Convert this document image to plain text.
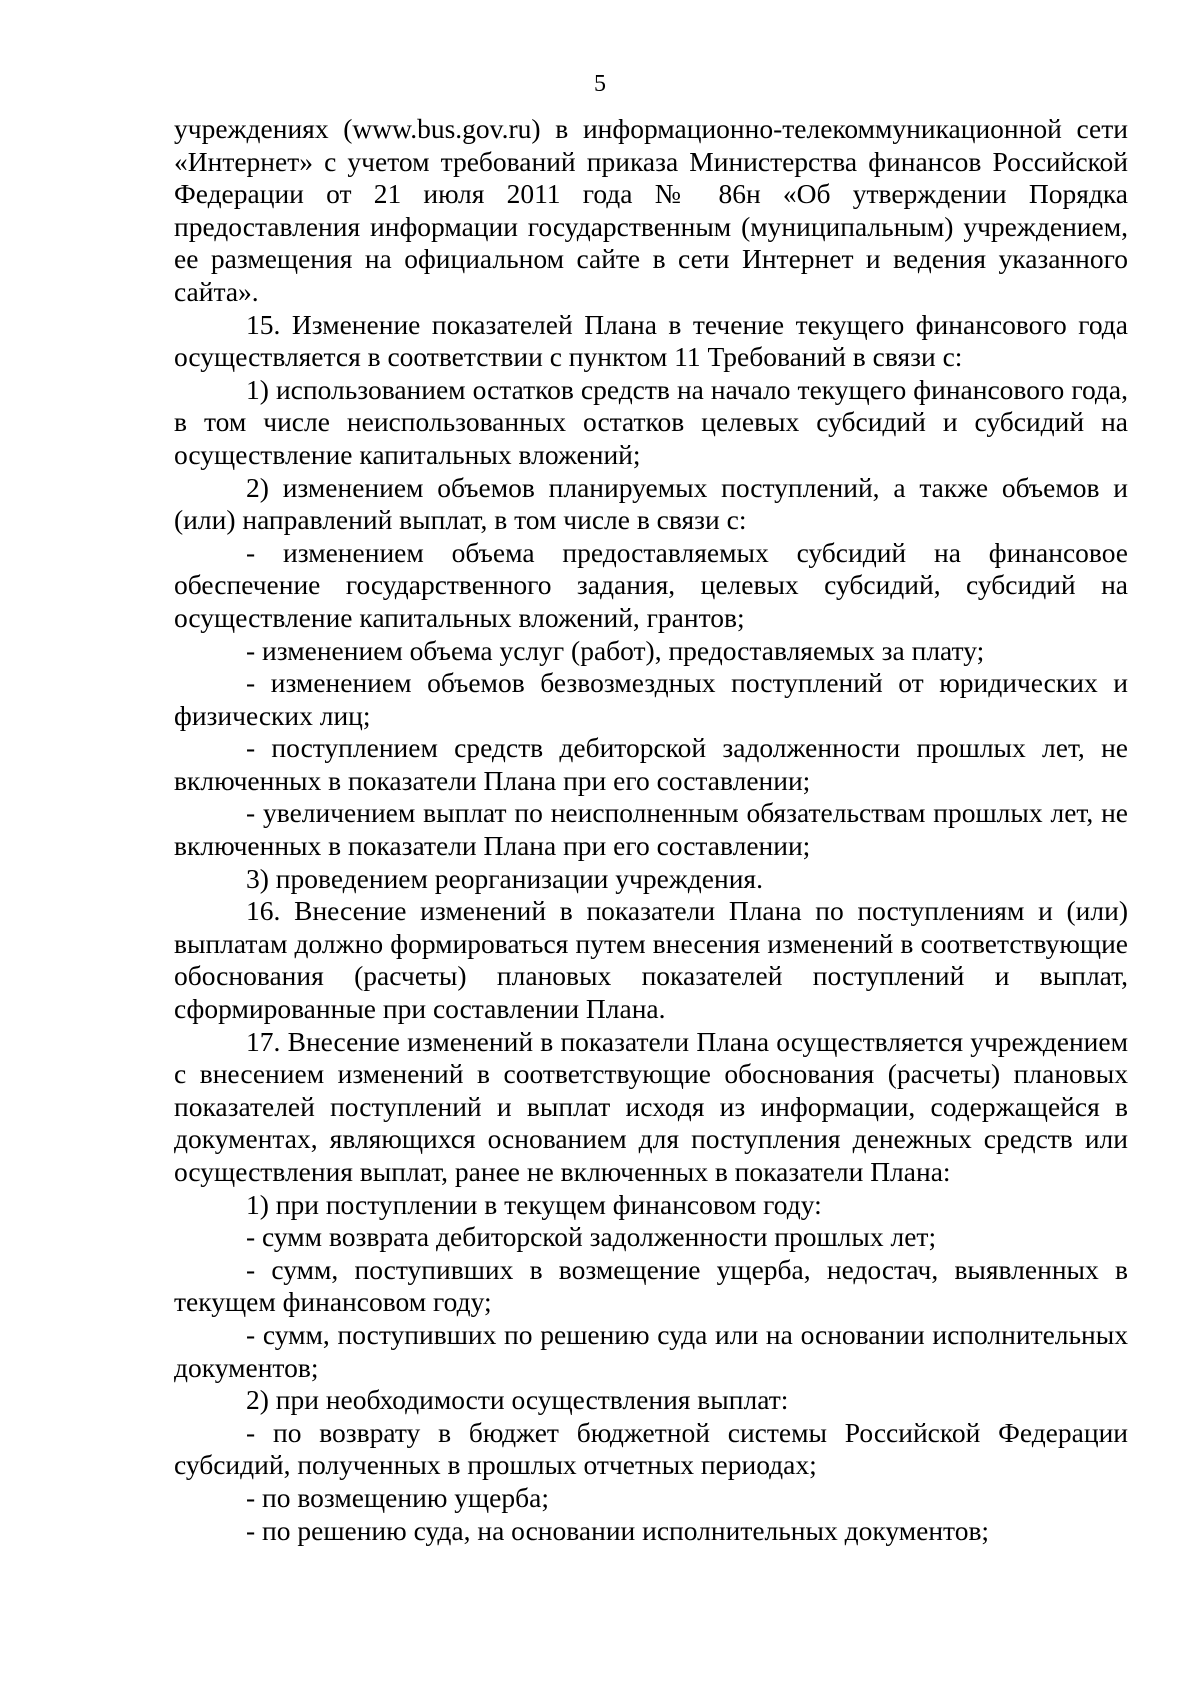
5

учреждениях (www.bus.gov.ru) в информационно-телекоммуникационной сети «Интернет» с учетом требований приказа Министерства финансов Российской Федерации от 21 июля 2011 года № 86н «Об утверждении Порядка предоставления информации государственным (муниципальным) учреждением, ее размещения на официальном сайте в сети Интернет и ведения указанного сайта».

15. Изменение показателей Плана в течение текущего финансового года осуществляется в соответствии с пунктом 11 Требований в связи с:

1) использованием остатков средств на начало текущего финансового года, в том числе неиспользованных остатков целевых субсидий и субсидий на осуществление капитальных вложений;

2) изменением объемов планируемых поступлений, а также объемов и (или) направлений выплат, в том числе в связи с:

- изменением объема предоставляемых субсидий на финансовое обеспечение государственного задания, целевых субсидий, субсидий на осуществление капитальных вложений, грантов;

- изменением объема услуг (работ), предоставляемых за плату;

- изменением объемов безвозмездных поступлений от юридических и физических лиц;

- поступлением средств дебиторской задолженности прошлых лет, не включенных в показатели Плана при его составлении;

- увеличением выплат по неисполненным обязательствам прошлых лет, не включенных в показатели Плана при его составлении;

3) проведением реорганизации учреждения.

16. Внесение изменений в показатели Плана по поступлениям и (или) выплатам должно формироваться путем внесения изменений в соответствующие обоснования (расчеты) плановых показателей поступлений и выплат, сформированные при составлении Плана.

17. Внесение изменений в показатели Плана осуществляется учреждением с внесением изменений в соответствующие обоснования (расчеты) плановых показателей поступлений и выплат исходя из информации, содержащейся в документах, являющихся основанием для поступления денежных средств или осуществления выплат, ранее не включенных в показатели Плана:

1) при поступлении в текущем финансовом году:

- сумм возврата дебиторской задолженности прошлых лет;

- сумм, поступивших в возмещение ущерба, недостач, выявленных в текущем финансовом году;

- сумм, поступивших по решению суда или на основании исполнительных документов;

2) при необходимости осуществления выплат:

- по возврату в бюджет бюджетной системы Российской Федерации субсидий, полученных в прошлых отчетных периодах;

- по возмещению ущерба;

- по решению суда, на основании исполнительных документов;
